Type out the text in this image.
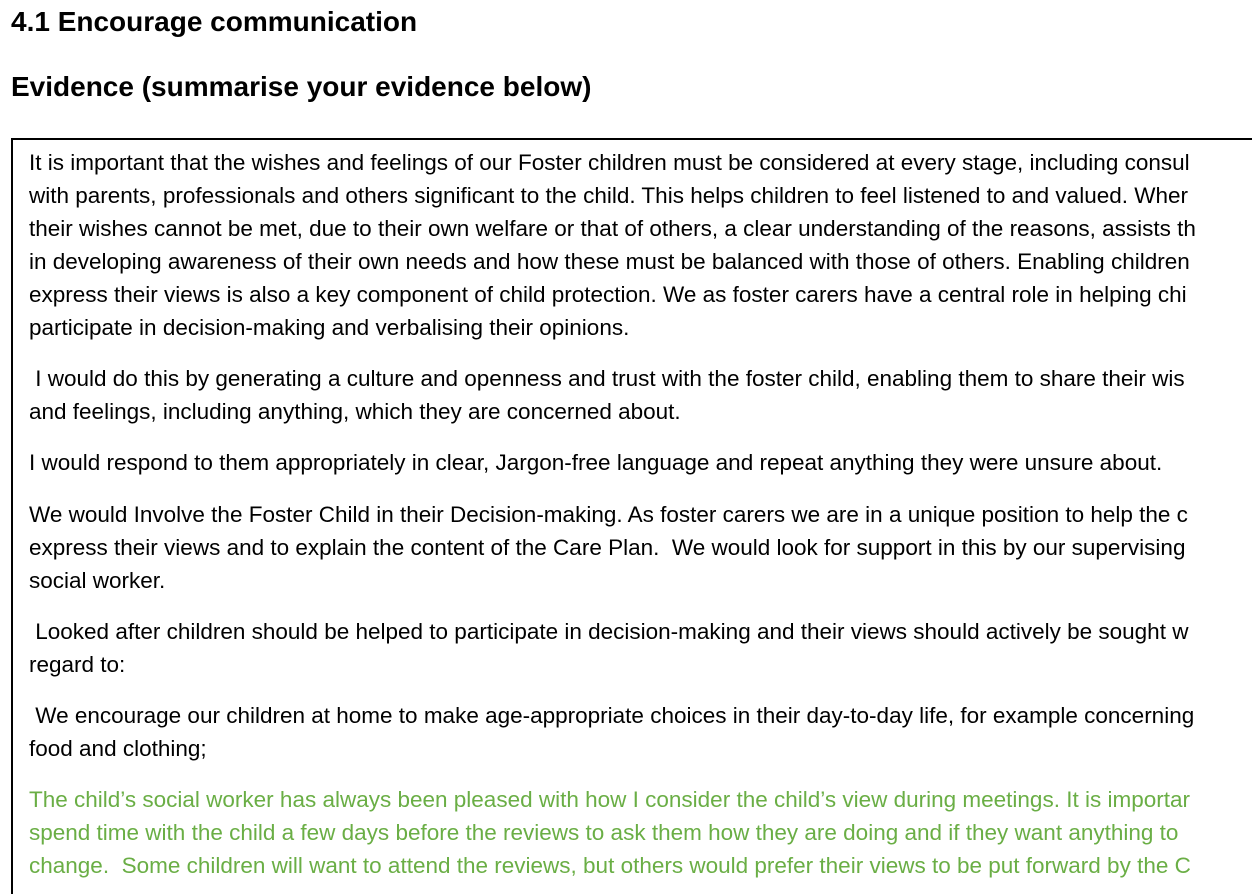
4.1 Encourage communication
Evidence (summarise your evidence below)

It is important that the wishes and feelings of our Foster children must be considered at every stage, including consul
with parents, professionals and others significant to the child. This helps children to feel listened to and valued. Wher
their wishes cannot be met, due to their own welfare or that of others, a clear understanding of the reasons, assists th
in developing awareness of their own needs and how these must be balanced with those of others. Enabling children
express their views is also a key component of child protection. We as foster carers have a central role in helping chi
participate in decision-making and verbalising their opinions.

I would do this by generating a culture and openness and trust with the foster child, enabling them to share their wis
and feelings, including anything, which they are concerned about.

I would respond to them appropriately in clear, Jargon-free language and repeat anything they were unsure about.

We would Involve the Foster Child in their Decision-making. As foster carers we are in a unique position to help the c
express their views and to explain the content of the Care Plan.  We would look for support in this by our supervising
social worker.

Looked after children should be helped to participate in decision-making and their views should actively be sought w
regard to:

We encourage our children at home to make age-appropriate choices in their day-to-day life, for example concerning
food and clothing;

The child’s social worker has always been pleased with how I consider the child’s view during meetings. It is importar
spend time with the child a few days before the reviews to ask them how they are doing and if they want anything to
change.  Some children will want to attend the reviews, but others would prefer their views to be put forward by the C
